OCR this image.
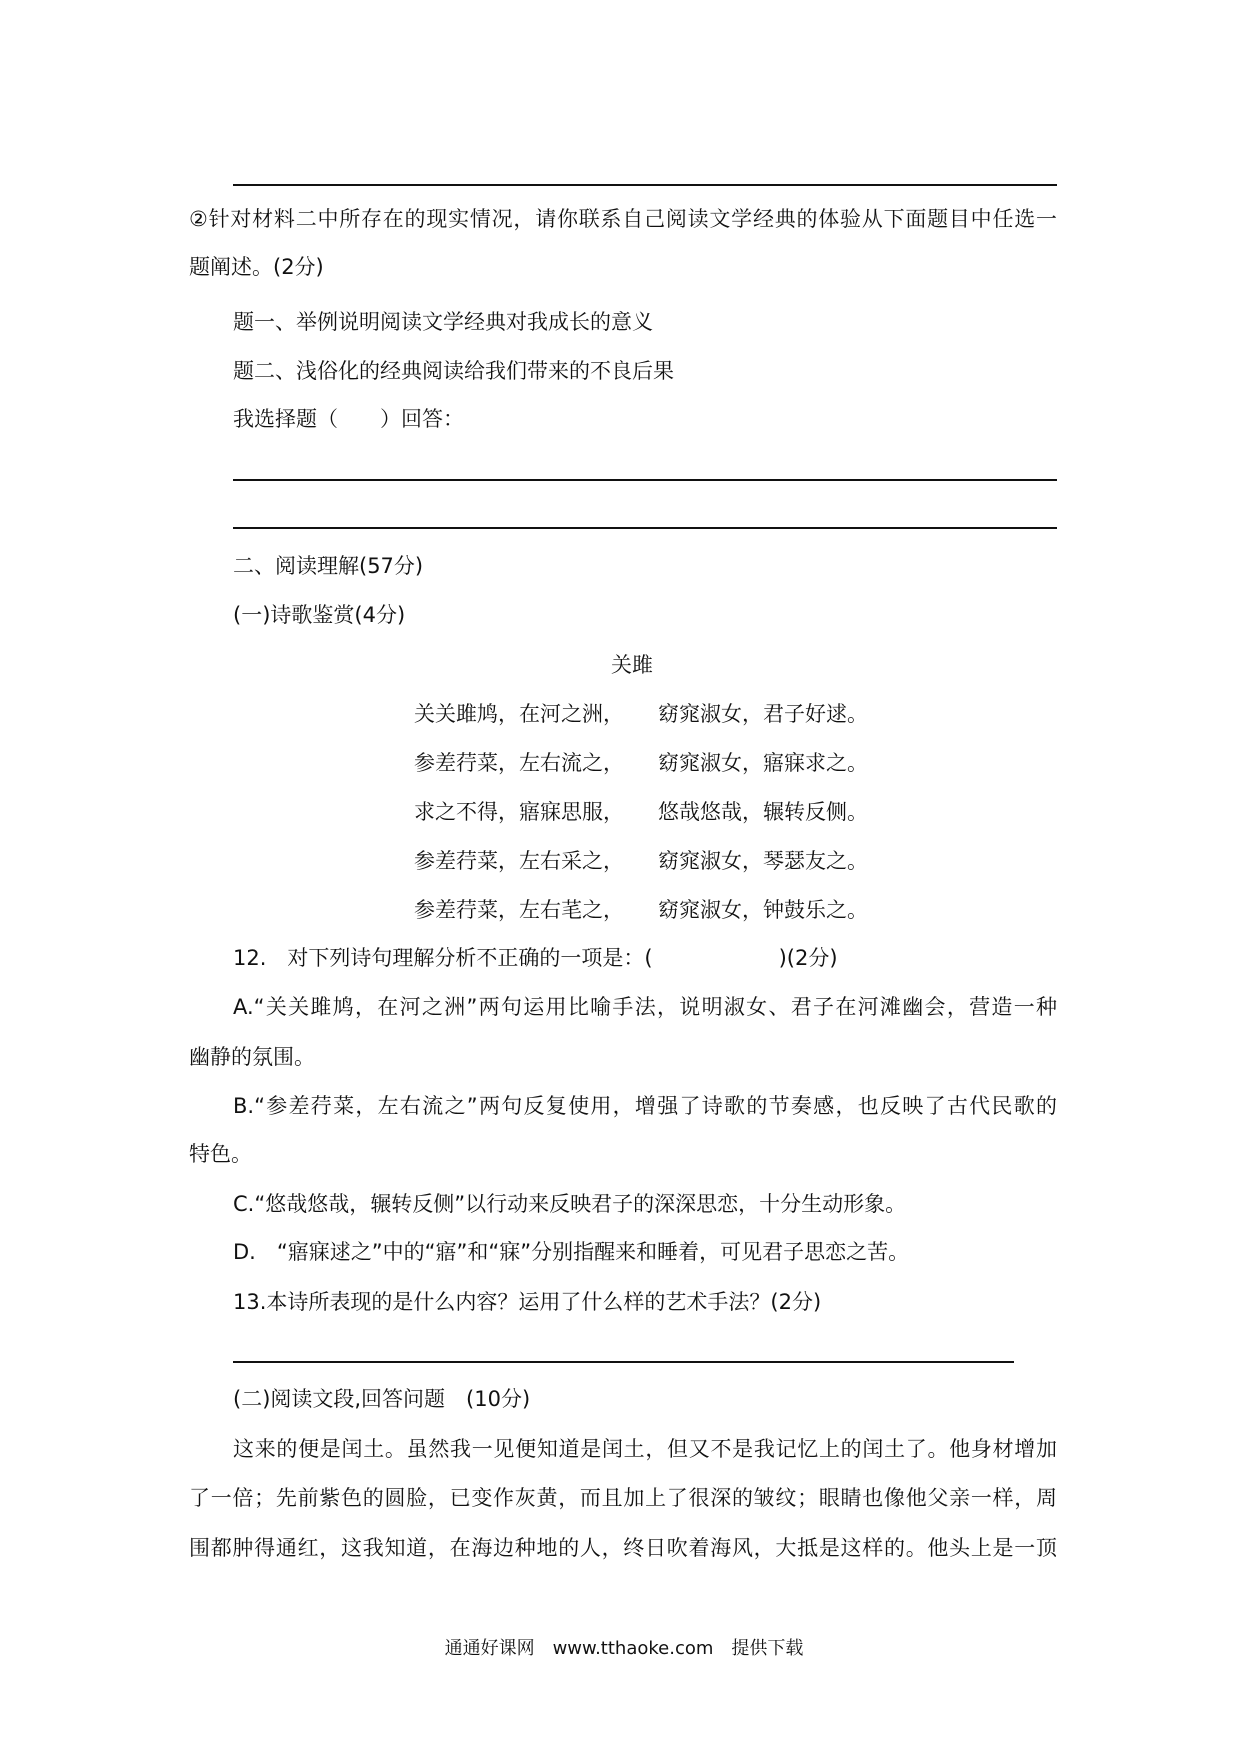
②针对材料二中所存在的现实情况，请你联系自己阅读文学经典的体验从下面题目中任选一
题阐述。(2分)
题一、举例说明阅读文学经典对我成长的意义
题二、浅俗化的经典阅读给我们带来的不良后果
我选择题（　　）回答：
二、阅读理解(57分)
(一)诗歌鉴赏(4分)
关雎
关关雎鸠，在河之洲， 窈窕淑女，君子好逑。
参差荇菜，左右流之， 窈窕淑女，寤寐求之。
求之不得，寤寐思服， 悠哉悠哉，辗转反侧。
参差荇菜，左右采之， 窈窕淑女，琴瑟友之。
参差荇菜，左右芼之， 窈窕淑女，钟鼓乐之。
12.　对下列诗句理解分析不正确的一项是：(　　　　　　)(2分)
A.“关关雎鸠，在河之洲”两句运用比喻手法，说明淑女、君子在河滩幽会，营造一种
幽静的氛围。
B.“参差荇菜，左右流之”两句反复使用，增强了诗歌的节奏感，也反映了古代民歌的
特色。
C.“悠哉悠哉，辗转反侧”以行动来反映君子的深深思恋，十分生动形象。
D.　“寤寐逑之”中的“寤”和“寐”分别指醒来和睡着，可见君子思恋之苦。
13.本诗所表现的是什么内容？运用了什么样的艺术手法？(2分)
(二)阅读文段,回答问题　(10分)
这来的便是闰土。虽然我一见便知道是闰土，但又不是我记忆上的闰土了。他身材增加
了一倍；先前紫色的圆脸，已变作灰黄，而且加上了很深的皱纹；眼睛也像他父亲一样，周
围都肿得通红，这我知道，在海边种地的人，终日吹着海风，大抵是这样的。他头上是一顶
通通好课网　www.tthaoke.com　提供下载
